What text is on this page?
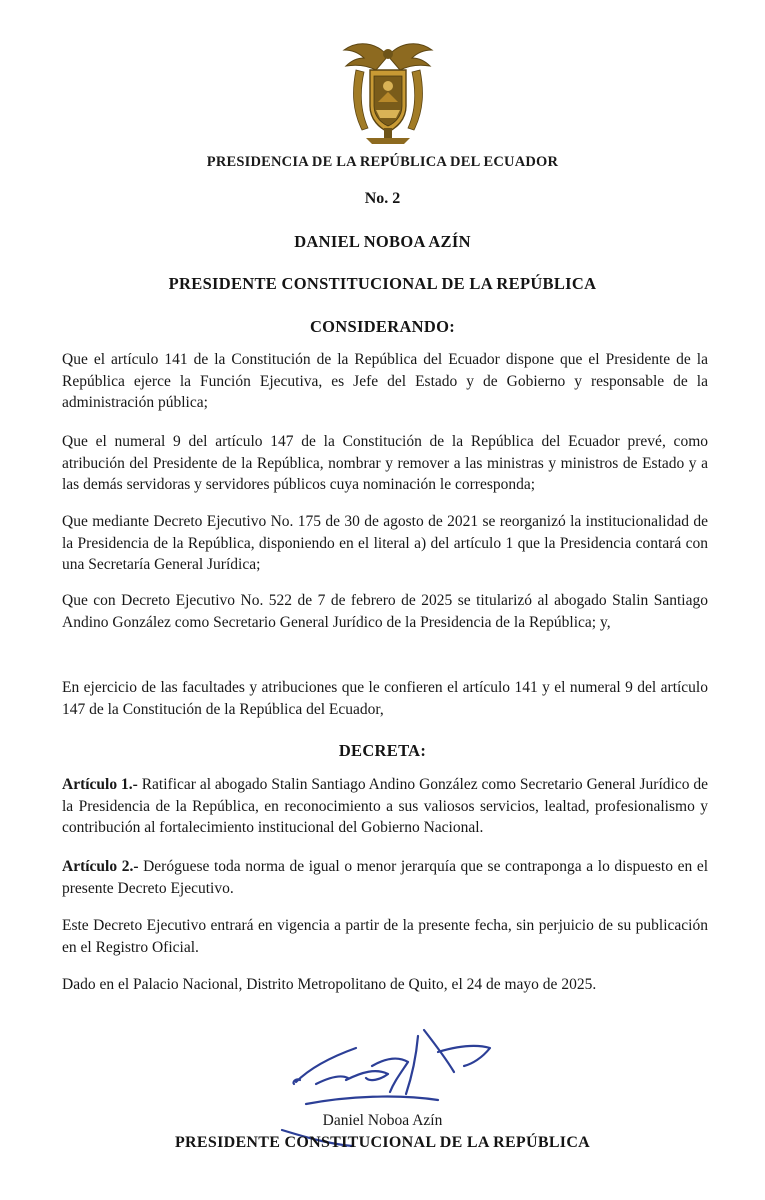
PRESIDENCIA DE LA REPÚBLICA DEL ECUADOR
No. 2
DANIEL NOBOA AZÍN
PRESIDENTE CONSTITUCIONAL DE LA REPÚBLICA
CONSIDERANDO:

Que el artículo 141 de la Constitución de la República del Ecuador dispone que el Presidente de la República ejerce la Función Ejecutiva, es Jefe del Estado y de Gobierno y responsable de la administración pública;

Que el numeral 9 del artículo 147 de la Constitución de la República del Ecuador prevé, como atribución del Presidente de la República, nombrar y remover a las ministras y ministros de Estado y a las demás servidoras y servidores públicos cuya nominación le corresponda;

Que mediante Decreto Ejecutivo No. 175 de 30 de agosto de 2021 se reorganizó la institucionalidad de la Presidencia de la República, disponiendo en el literal a) del artículo 1 que la Presidencia contará con una Secretaría General Jurídica;

Que con Decreto Ejecutivo No. 522 de 7 de febrero de 2025 se titularizó al abogado Stalin Santiago Andino González como Secretario General Jurídico de la Presidencia de la República; y,

En ejercicio de las facultades y atribuciones que le confieren el artículo 141 y el numeral 9 del artículo 147 de la Constitución de la República del Ecuador,

DECRETA:

Artículo 1.- Ratificar al abogado Stalin Santiago Andino González como Secretario General Jurídico de la Presidencia de la República, en reconocimiento a sus valiosos servicios, lealtad, profesionalismo y contribución al fortalecimiento institucional del Gobierno Nacional.

Artículo 2.- Deróguese toda norma de igual o menor jerarquía que se contraponga a lo dispuesto en el presente Decreto Ejecutivo.

Este Decreto Ejecutivo entrará en vigencia a partir de la presente fecha, sin perjuicio de su publicación en el Registro Oficial.

Dado en el Palacio Nacional, Distrito Metropolitano de Quito, el 24 de mayo de 2025.

Daniel Noboa Azín
PRESIDENTE CONSTITUCIONAL DE LA REPÚBLICA
